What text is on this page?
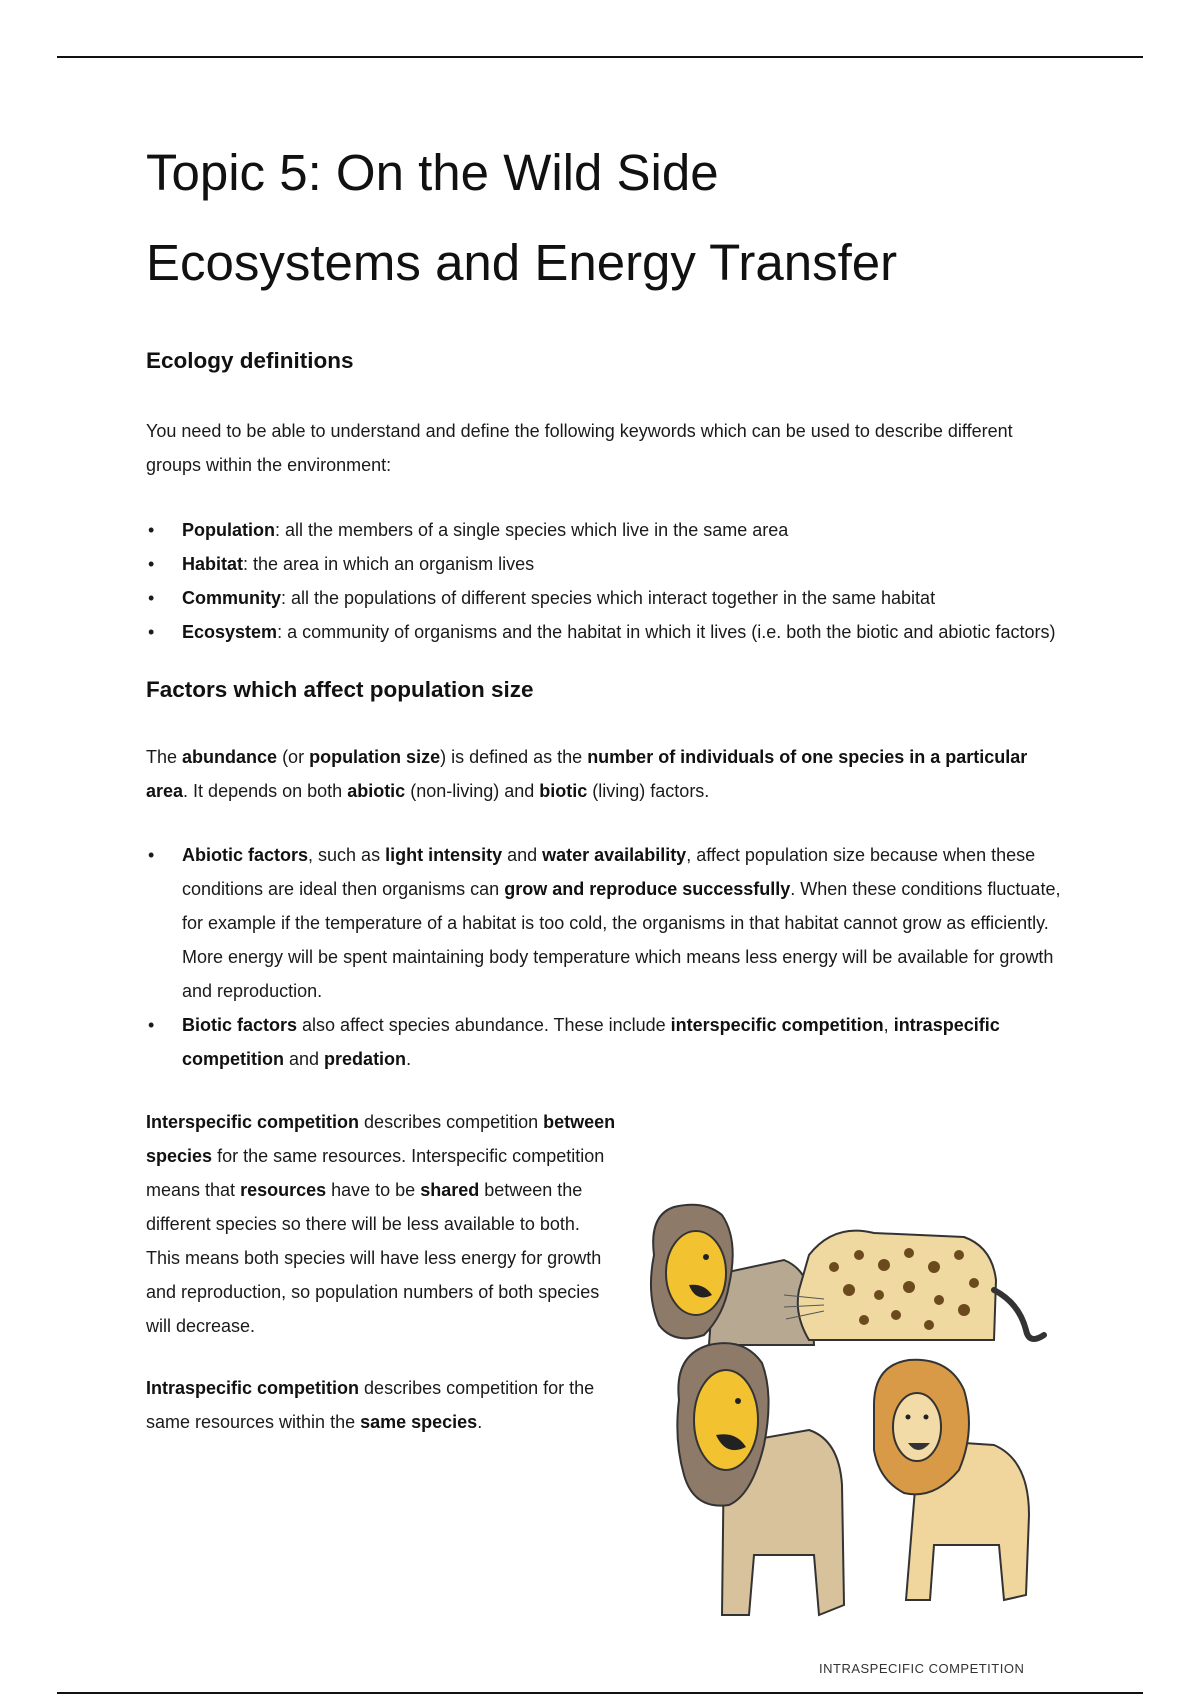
Topic 5: On the Wild Side
Ecosystems and Energy Transfer
Ecology definitions

You need to be able to understand and define the following keywords which can be used to describe different groups within the environment:

• Population: all the members of a single species which live in the same area
• Habitat: the area in which an organism lives
• Community: all the populations of different species which interact together in the same habitat
• Ecosystem: a community of organisms and the habitat in which it lives (i.e. both the biotic and abiotic factors)
Factors which affect population size

The abundance (or population size) is defined as the number of individuals of one species in a particular area. It depends on both abiotic (non-living) and biotic (living) factors.

• Abiotic factors, such as light intensity and water availability, affect population size because when these conditions are ideal then organisms can grow and reproduce successfully. When these conditions fluctuate, for example if the temperature of a habitat is too cold, the organisms in that habitat cannot grow as efficiently. More energy will be spent maintaining body temperature which means less energy will be available for growth and reproduction.
• Biotic factors also affect species abundance. These include interspecific competition, intraspecific competition and predation.

Interspecific competition describes competition between species for the same resources. Interspecific competition means that resources have to be shared between the different species so there will be less available to both. This means both species will have less energy for growth and reproduction, so population numbers of both species will decrease.

Intraspecific competition describes competition for the same resources within the same species.

INTRASPECIFIC COMPETITION
